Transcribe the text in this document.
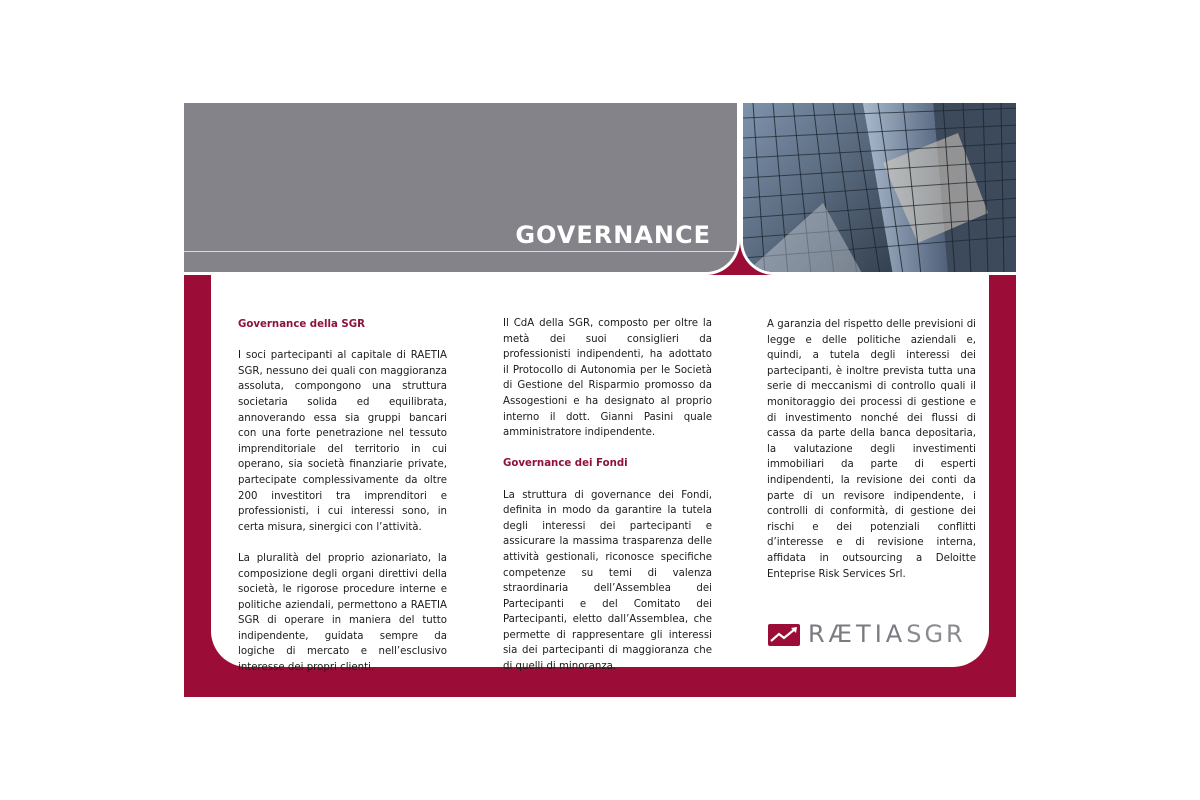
GOVERNANCE
Governance della SGR

I soci partecipanti al capitale di RAETIA SGR, nessuno dei quali con maggioranza assoluta, compongono una struttura societaria solida ed equilibrata, annoverando essa sia gruppi bancari con una forte penetrazione nel tessuto imprenditoriale del territorio in cui operano, sia società finanziarie private, partecipate complessivamente da oltre 200 investitori tra imprenditori e professionisti, i cui interessi sono, in certa misura, sinergici con l’attività.

La pluralità del proprio azionariato, la composizione degli organi direttivi della società, le rigorose procedure interne e politiche aziendali, permettono a RAETIA SGR di operare in maniera del tutto indipendente, guidata sempre da logiche di mercato e nell’esclusivo interesse dei propri clienti.

Il CdA della SGR, composto per oltre la metà dei suoi consiglieri da professionisti indipendenti, ha adottato il Protocollo di Autonomia per le Società di Gestione del Risparmio promosso da Assogestioni e ha designato al proprio interno il dott. Gianni Pasini quale amministratore indipendente.

Governance dei Fondi

La struttura di governance dei Fondi, definita in modo da garantire la tutela degli interessi dei partecipanti e assicurare la massima trasparenza delle attività gestionali, riconosce specifiche competenze su temi di valenza straordinaria dell’Assemblea dei Partecipanti e del Comitato dei Partecipanti, eletto dall’Assemblea, che permette di rappresentare gli interessi sia dei partecipanti di maggioranza che di quelli di minoranza.

A garanzia del rispetto delle previsioni di legge e delle politiche aziendali e, quindi, a tutela degli interessi dei partecipanti, è inoltre prevista tutta una serie di meccanismi di controllo quali il monitoraggio dei processi di gestione e di investimento nonché dei flussi di cassa da parte della banca depositaria, la valutazione degli investimenti immobiliari da parte di esperti indipendenti, la revisione dei conti da parte di un revisore indipendente, i controlli di conformità, di gestione dei rischi e dei potenziali conflitti d’interesse e di revisione interna, affidata in outsourcing a Deloitte Enteprise Risk Services Srl.

RÆTIASGR
